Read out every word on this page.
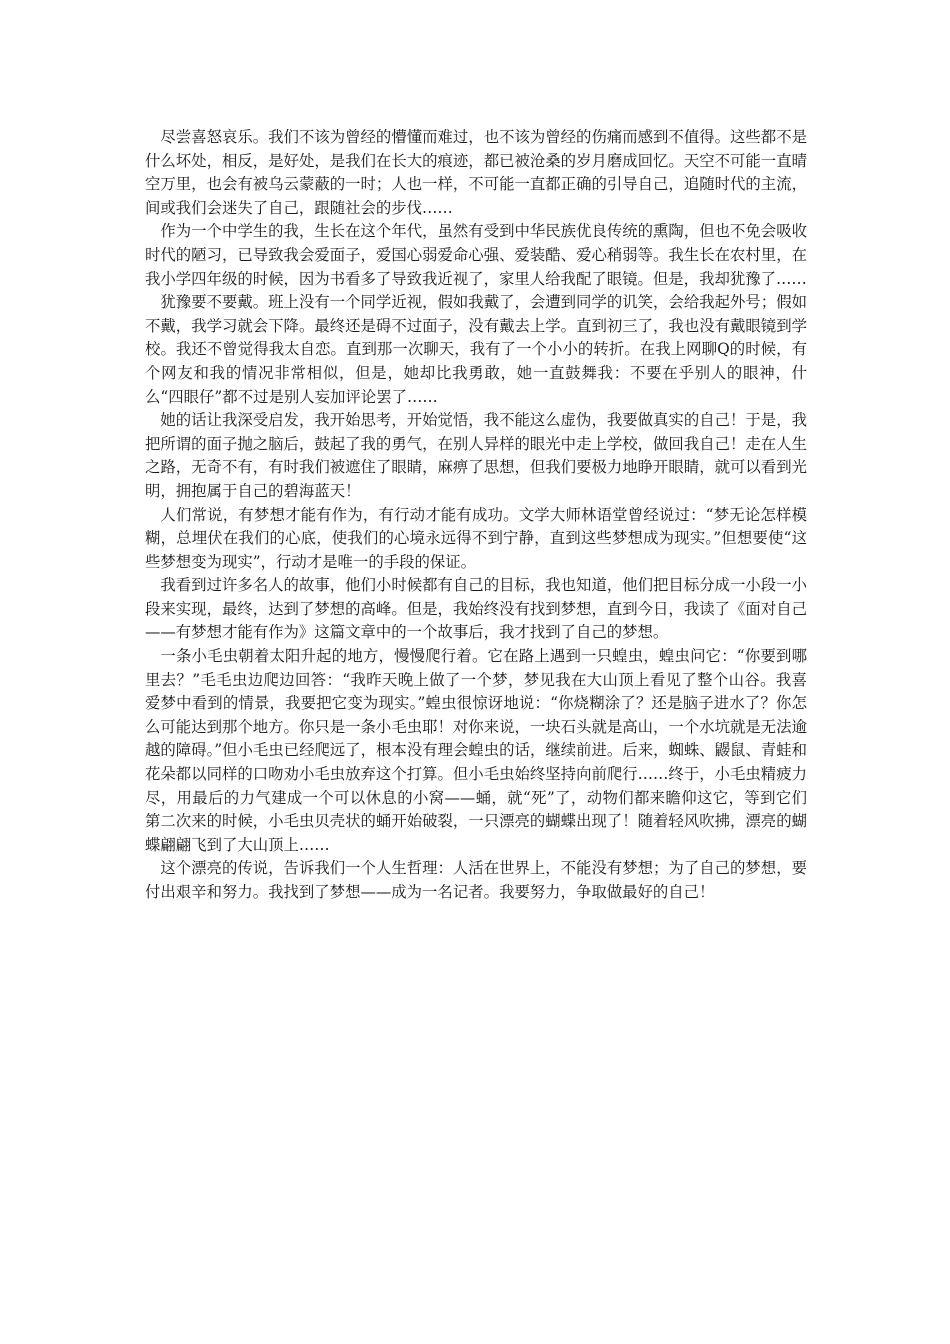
尽尝喜怒哀乐。我们不该为曾经的懵懂而难过，也不该为曾经的伤痛而感到不值得。这些都不是什么坏处，相反，是好处，是我们在长大的痕迹，都已被沧桑的岁月磨成回忆。天空不可能一直晴空万里，也会有被乌云蒙蔽的一时；人也一样，不可能一直都正确的引导自己，追随时代的主流，间或我们会迷失了自己，跟随社会的步伐……

作为一个中学生的我，生长在这个年代，虽然有受到中华民族优良传统的熏陶，但也不免会吸收时代的陋习，已导致我会爱面子，爱国心弱爱命心强、爱装酷、爱心稍弱等。我生长在农村里，在我小学四年级的时候，因为书看多了导致我近视了，家里人给我配了眼镜。但是，我却犹豫了……

犹豫要不要戴。班上没有一个同学近视，假如我戴了，会遭到同学的讥笑，会给我起外号；假如不戴，我学习就会下降。最终还是碍不过面子，没有戴去上学。直到初三了，我也没有戴眼镜到学校。我还不曾觉得我太自恋。直到那一次聊天，我有了一个小小的转折。在我上网聊Q的时候，有个网友和我的情况非常相似，但是，她却比我勇敢，她一直鼓舞我：不要在乎别人的眼神，什么“四眼仔”都不过是别人妄加评论罢了……

她的话让我深受启发，我开始思考，开始觉悟，我不能这么虚伪，我要做真实的自己！于是，我把所谓的面子抛之脑后，鼓起了我的勇气，在别人异样的眼光中走上学校，做回我自己！走在人生之路，无奇不有，有时我们被遮住了眼睛，麻痹了思想，但我们要极力地睁开眼睛，就可以看到光明，拥抱属于自己的碧海蓝天！

人们常说，有梦想才能有作为，有行动才能有成功。文学大师林语堂曾经说过：“梦无论怎样模糊，总埋伏在我们的心底，使我们的心境永远得不到宁静，直到这些梦想成为现实。”但想要使“这些梦想变为现实”，行动才是唯一的手段的保证。

我看到过许多名人的故事，他们小时候都有自己的目标，我也知道，他们把目标分成一小段一小段来实现，最终，达到了梦想的高峰。但是，我始终没有找到梦想，直到今日，我读了《面对自己——有梦想才能有作为》这篇文章中的一个故事后，我才找到了自己的梦想。

一条小毛虫朝着太阳升起的地方，慢慢爬行着。它在路上遇到一只蝗虫，蝗虫问它：“你要到哪里去？”毛毛虫边爬边回答：“我昨天晚上做了一个梦，梦见我在大山顶上看见了整个山谷。我喜爱梦中看到的情景，我要把它变为现实。”蝗虫很惊讶地说：“你烧糊涂了？还是脑子进水了？你怎么可能达到那个地方。你只是一条小毛虫耶！对你来说，一块石头就是高山，一个水坑就是无法逾越的障碍。”但小毛虫已经爬远了，根本没有理会蝗虫的话，继续前进。后来，蜘蛛、鼹鼠、青蛙和花朵都以同样的口吻劝小毛虫放弃这个打算。但小毛虫始终坚持向前爬行……终于，小毛虫精疲力尽，用最后的力气建成一个可以休息的小窝——蛹，就“死”了，动物们都来瞻仰这它，等到它们第二次来的时候，小毛虫贝壳状的蛹开始破裂，一只漂亮的蝴蝶出现了！随着轻风吹拂，漂亮的蝴蝶翩翩飞到了大山顶上……

这个漂亮的传说，告诉我们一个人生哲理：人活在世界上，不能没有梦想；为了自己的梦想，要付出艰辛和努力。我找到了梦想——成为一名记者。我要努力，争取做最好的自己！
